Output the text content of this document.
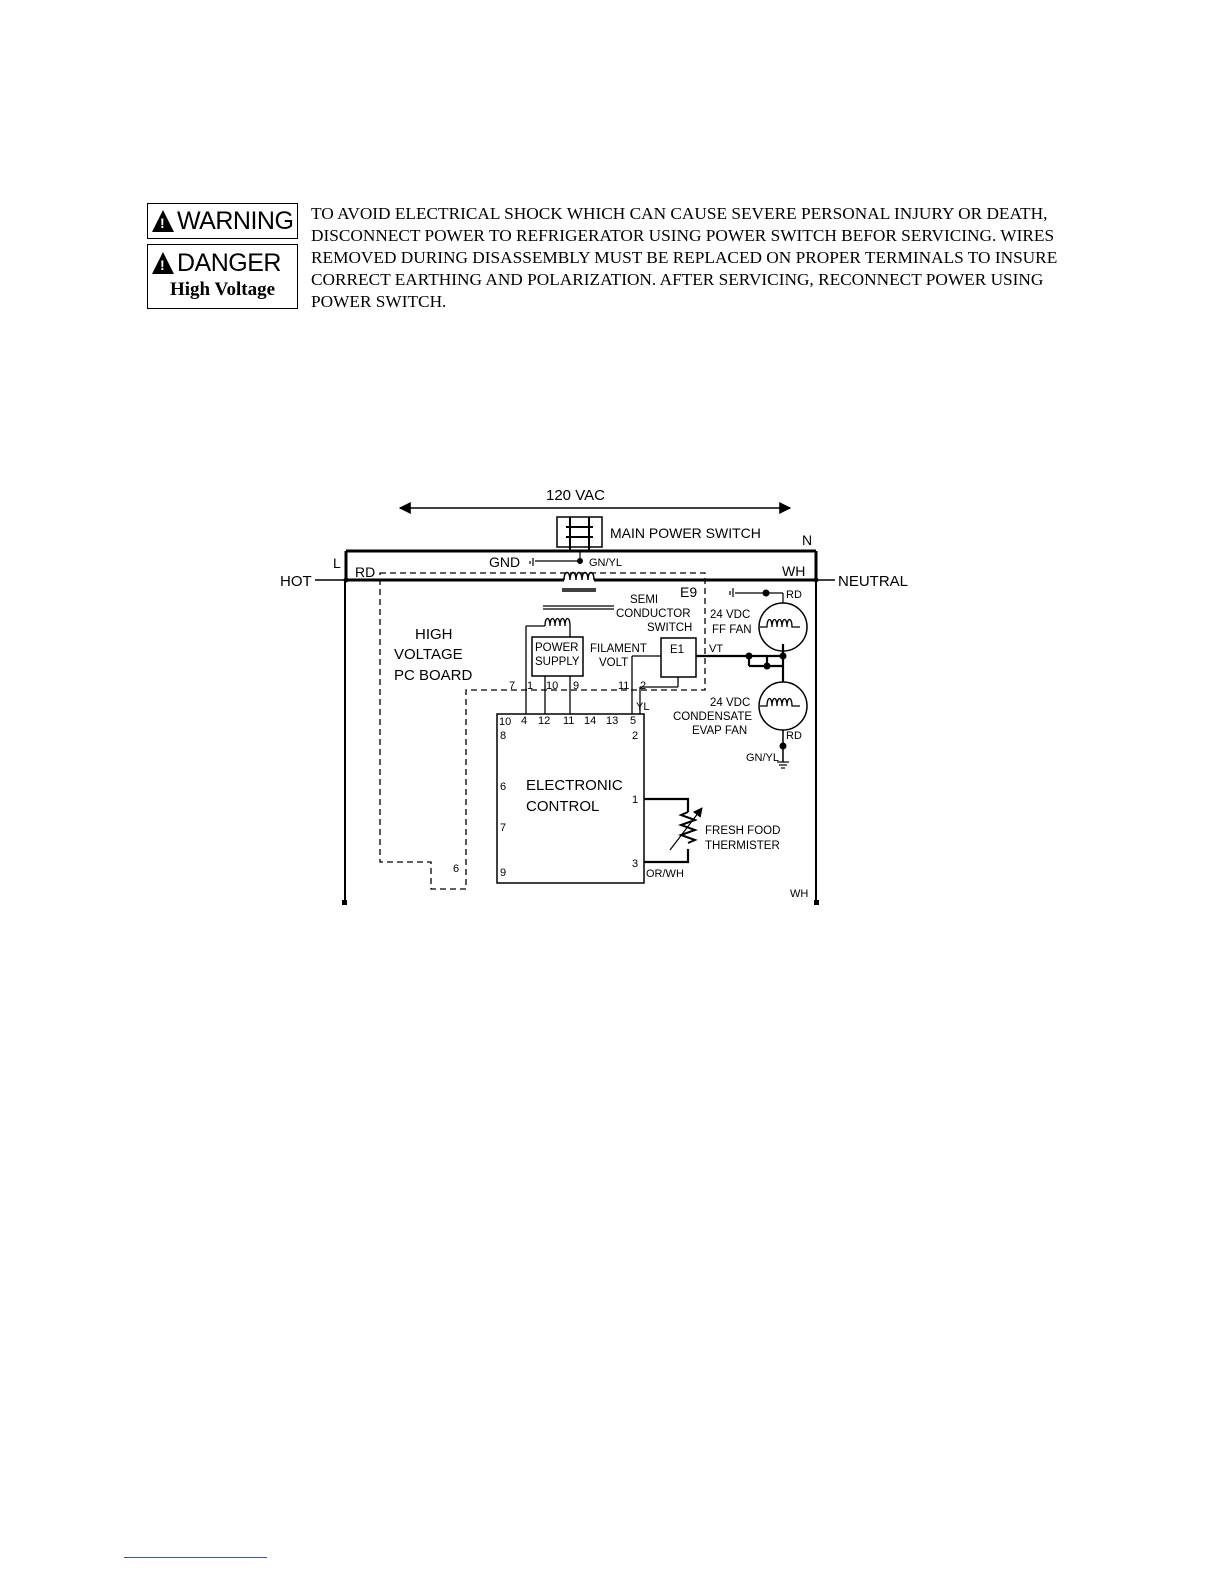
!
WARNING
!
DANGER
High Voltage

TO AVOID ELECTRICAL SHOCK WHICH CAN CAUSE SEVERE PERSONAL INJURY OR DEATH,
DISCONNECT POWER TO REFRIGERATOR USING POWER SWITCH BEFOR SERVICING. WIRES
REMOVED DURING DISASSEMBLY MUST BE REPLACED ON PROPER TERMINALS TO INSURE
CORRECT EARTHING AND POLARIZATION. AFTER SERVICING, RECONNECT POWER USING
POWER SWITCH.

120 VAC
MAIN POWER SWITCH
HOT	NEUTRAL
L
N
RD	WH
GND	GN/YL
E9
HIGH
VOLTAGE
PC BOARD
6
SEMI
CONDUCTOR
SWITCH
POWER
SUPPLY
FILAMENT
VOLT
E1 VT
7 1 10 9	11 2
ELECTRONIC
CONTROL
10 4 12 11 14 13 5
8
6
7
9
2
1
3
YL
FRESH FOOD
THERMISTER
OR/WH
WH
RD
24 VDC
FF FAN
24 VDC
CONDENSATE
EVAP FAN	RD
GN/YL
